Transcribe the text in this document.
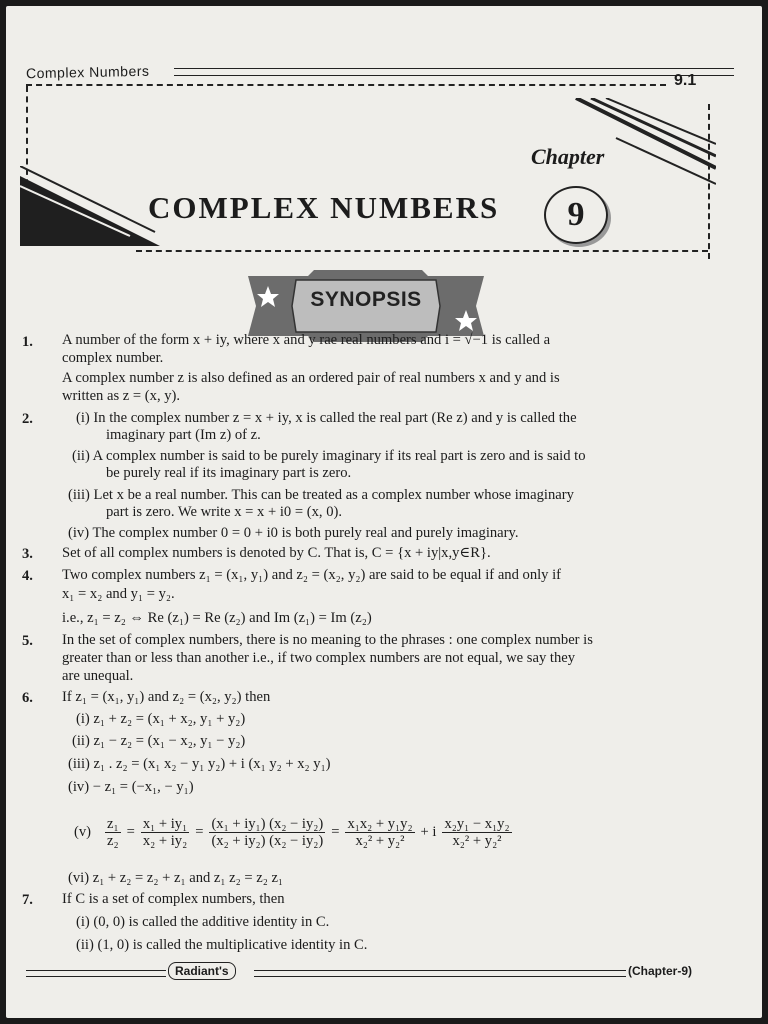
Complex Numbers	9.1
Chapter
COMPLEX NUMBERS	9
SYNOPSIS
1. A number of the form x + iy, where x and y rae real numbers and i = √−1 is called a
complex number.
A complex number z is also defined as an ordered pair of real numbers x and y and is
written as z = (x, y).
2.	(i) In the complex number z = x + iy, x is called the real part (Re z) and y is called the
imaginary part (Im z) of z.
(ii) A complex number is said to be purely imaginary if its real part is zero and is said to
be purely real if its imaginary part is zero.
(iii) Let x be a real number. This can be treated as a complex number whose imaginary
part is zero. We write x = x + i0 = (x, 0).
(iv) The complex number 0 = 0 + i0 is both purely real and purely imaginary.
3. Set of all complex numbers is denoted by C. That is, C = {x + iy|x,y∈R}.
4. Two complex numbers z₁ = (x₁, y₁) and z₂ = (x₂, y₂) are said to be equal if and only if
x₁ = x₂ and y₁ = y₂.
i.e., z₁ = z₂ ⇔ Re (z₁) = Re (z₂) and Im (z₁) = Im (z₂)
5. In the set of complex numbers, there is no meaning to the phrases : one complex number is
greater than or less than another i.e., if two complex numbers are not equal, we say they
are unequal.
6. If z₁ = (x₁, y₁) and z₂ = (x₂, y₂) then
(i) z₁ + z₂ = (x₁ + x₂, y₁ + y₂)
(ii) z₁ − z₂ = (x₁ − x₂, y₁ − y₂)
(iii) z₁ . z₂ = (x₁ x₂ − y₁ y₂) + i (x₁ y₂ + x₂ y₁)
(iv) − z₁ = (−x₁, − y₁)
$(v) \frac{\text{z₁}}{\text{z₂}} = \frac{\text{x₁ + iy₁}}{\text{x₂ + iy₂}} = \frac{\text{(x₁ + iy₁) (x₂ − iy₂)}}{\text{(x₂ + iy₂) (x₂ − iy₂)}} = \frac{\text{x₁x₂ + y₁y₂}}{\text{x₂² + y₂²}} + i \frac{\text{x₂y₁ − x₁y₂}}{\text{x₂² + y₂²}}$
(vi) z₁ + z₂ = z₂ + z₁ and z₁ z₂ = z₂ z₁
7. If C is a set of complex numbers, then
(i) (0, 0) is called the additive identity in C.
(ii) (1, 0) is called the multiplicative identity in C.
Radiant's	(Chapter-9)
